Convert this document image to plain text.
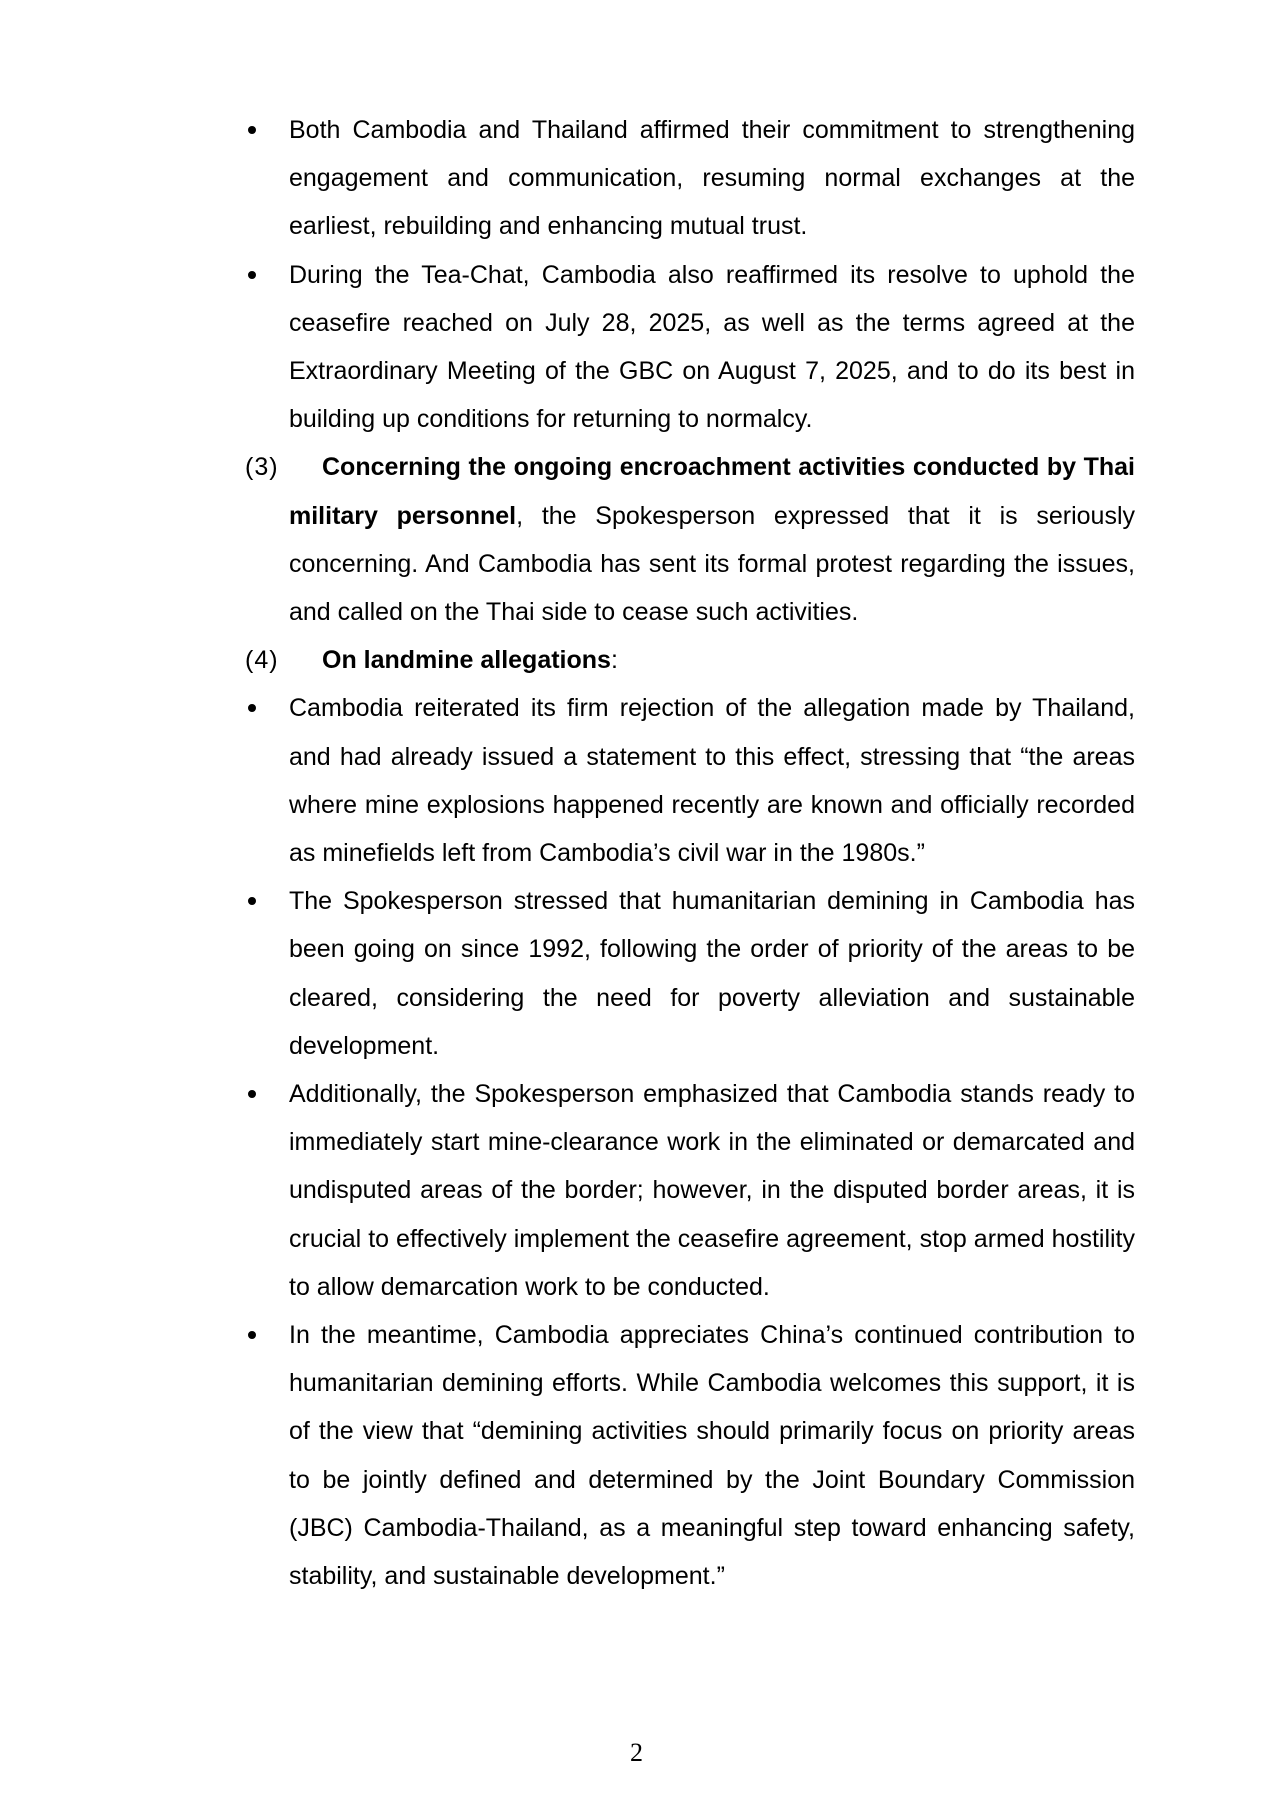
Both Cambodia and Thailand affirmed their commitment to strengthening engagement and communication, resuming normal exchanges at the earliest, rebuilding and enhancing mutual trust.
During the Tea-Chat, Cambodia also reaffirmed its resolve to uphold the ceasefire reached on July 28, 2025, as well as the terms agreed at the Extraordinary Meeting of the GBC on August 7, 2025, and to do its best in building up conditions for returning to normalcy.
(3) Concerning the ongoing encroachment activities conducted by Thai military personnel, the Spokesperson expressed that it is seriously concerning. And Cambodia has sent its formal protest regarding the issues, and called on the Thai side to cease such activities.
(4) On landmine allegations:
Cambodia reiterated its firm rejection of the allegation made by Thailand, and had already issued a statement to this effect, stressing that “the areas where mine explosions happened recently are known and officially recorded as minefields left from Cambodia’s civil war in the 1980s.”
The Spokesperson stressed that humanitarian demining in Cambodia has been going on since 1992, following the order of priority of the areas to be cleared, considering the need for poverty alleviation and sustainable development.
Additionally, the Spokesperson emphasized that Cambodia stands ready to immediately start mine-clearance work in the eliminated or demarcated and undisputed areas of the border; however, in the disputed border areas, it is crucial to effectively implement the ceasefire agreement, stop armed hostility to allow demarcation work to be conducted.
In the meantime, Cambodia appreciates China’s continued contribution to humanitarian demining efforts. While Cambodia welcomes this support, it is of the view that “demining activities should primarily focus on priority areas to be jointly defined and determined by the Joint Boundary Commission (JBC) Cambodia-Thailand, as a meaningful step toward enhancing safety, stability, and sustainable development.”
2
